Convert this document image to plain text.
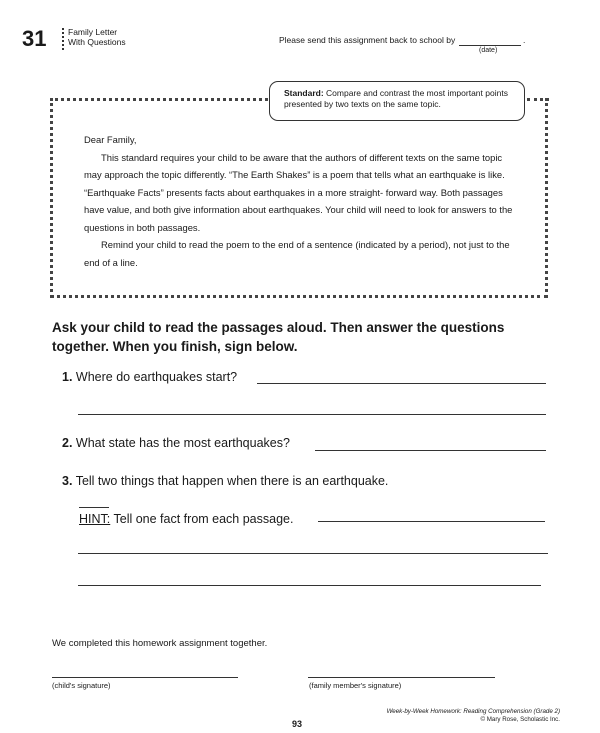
31	Family Letter
With Questions	Please send this assignment back to school by	.
(date)
Standard: Compare and contrast the most important points presented by two texts on the same topic.

Dear Family,

This standard requires your child to be aware that the authors of different texts on the same topic may approach the topic differently. “The Earth Shakes” is a poem that tells what an earthquake is like. “Earthquake Facts” presents facts about earthquakes in a more straight- forward way. Both passages have value, and both give information about earthquakes. Your child will need to look for answers to the questions in both passages.

Remind your child to read the poem to the end of a sentence (indicated by a period), not just to the end of a line.

Ask your child to read the passages aloud. Then answer the questions together. When you finish, sign below.
1. Where do earthquakes start?
2. What state has the most earthquakes?
3. Tell two things that happen when there is an earthquake.
HINT: Tell one fact from each passage.
We completed this homework assignment together.
(child's signature)	(family member's signature)
93
Week-by-Week Homework: Reading Comprehension (Grade 2)
© Mary Rose, Scholastic Inc.
